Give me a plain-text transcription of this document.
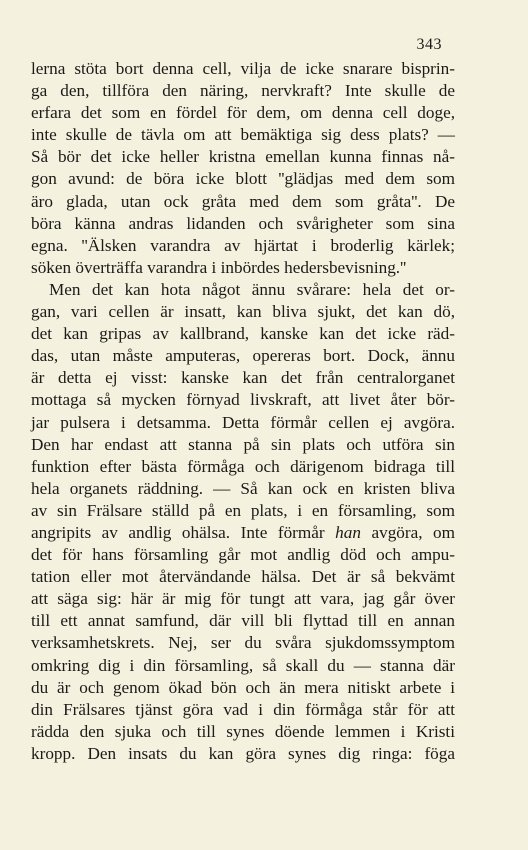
343
lerna stöta bort denna cell, vilja de icke snarare bisprin-
ga den, tillföra den näring, nervkraft? Inte skulle de
erfara det som en fördel för dem, om denna cell doge,
inte skulle de tävla om att bemäktiga sig dess plats? —
Så bör det icke heller kristna emellan kunna finnas nå-
gon avund: de böra icke blott ''glädjas med dem som
äro glada, utan ock gråta med dem som gråta''. De
böra känna andras lidanden och svårigheter som sina
egna. ''Älsken varandra av hjärtat i broderlig kärlek;
söken överträffa varandra i inbördes hedersbevisning.''
Men det kan hota något ännu svårare: hela det or-
gan, vari cellen är insatt, kan bliva sjukt, det kan dö,
det kan gripas av kallbrand, kanske kan det icke räd-
das, utan måste amputeras, opereras bort. Dock, ännu
är detta ej visst: kanske kan det från centralorganet
mottaga så mycken förnyad livskraft, att livet åter bör-
jar pulsera i detsamma. Detta förmår cellen ej avgöra.
Den har endast att stanna på sin plats och utföra sin
funktion efter bästa förmåga och därigenom bidraga till
hela organets räddning. — Så kan ock en kristen bliva
av sin Frälsare ställd på en plats, i en församling, som
angripits av andlig ohälsa. Inte förmår han avgöra, om
det för hans församling går mot andlig död och ampu-
tation eller mot återvändande hälsa. Det är så bekvämt
att säga sig: här är mig för tungt att vara, jag går över
till ett annat samfund, där vill bli flyttad till en annan
verksamhetskrets. Nej, ser du svåra sjukdomssymptom
omkring dig i din församling, så skall du — stanna där
du är och genom ökad bön och än mera nitiskt arbete i
din Frälsares tjänst göra vad i din förmåga står för att
rädda den sjuka och till synes döende lemmen i Kristi
kropp. Den insats du kan göra synes dig ringa: föga
